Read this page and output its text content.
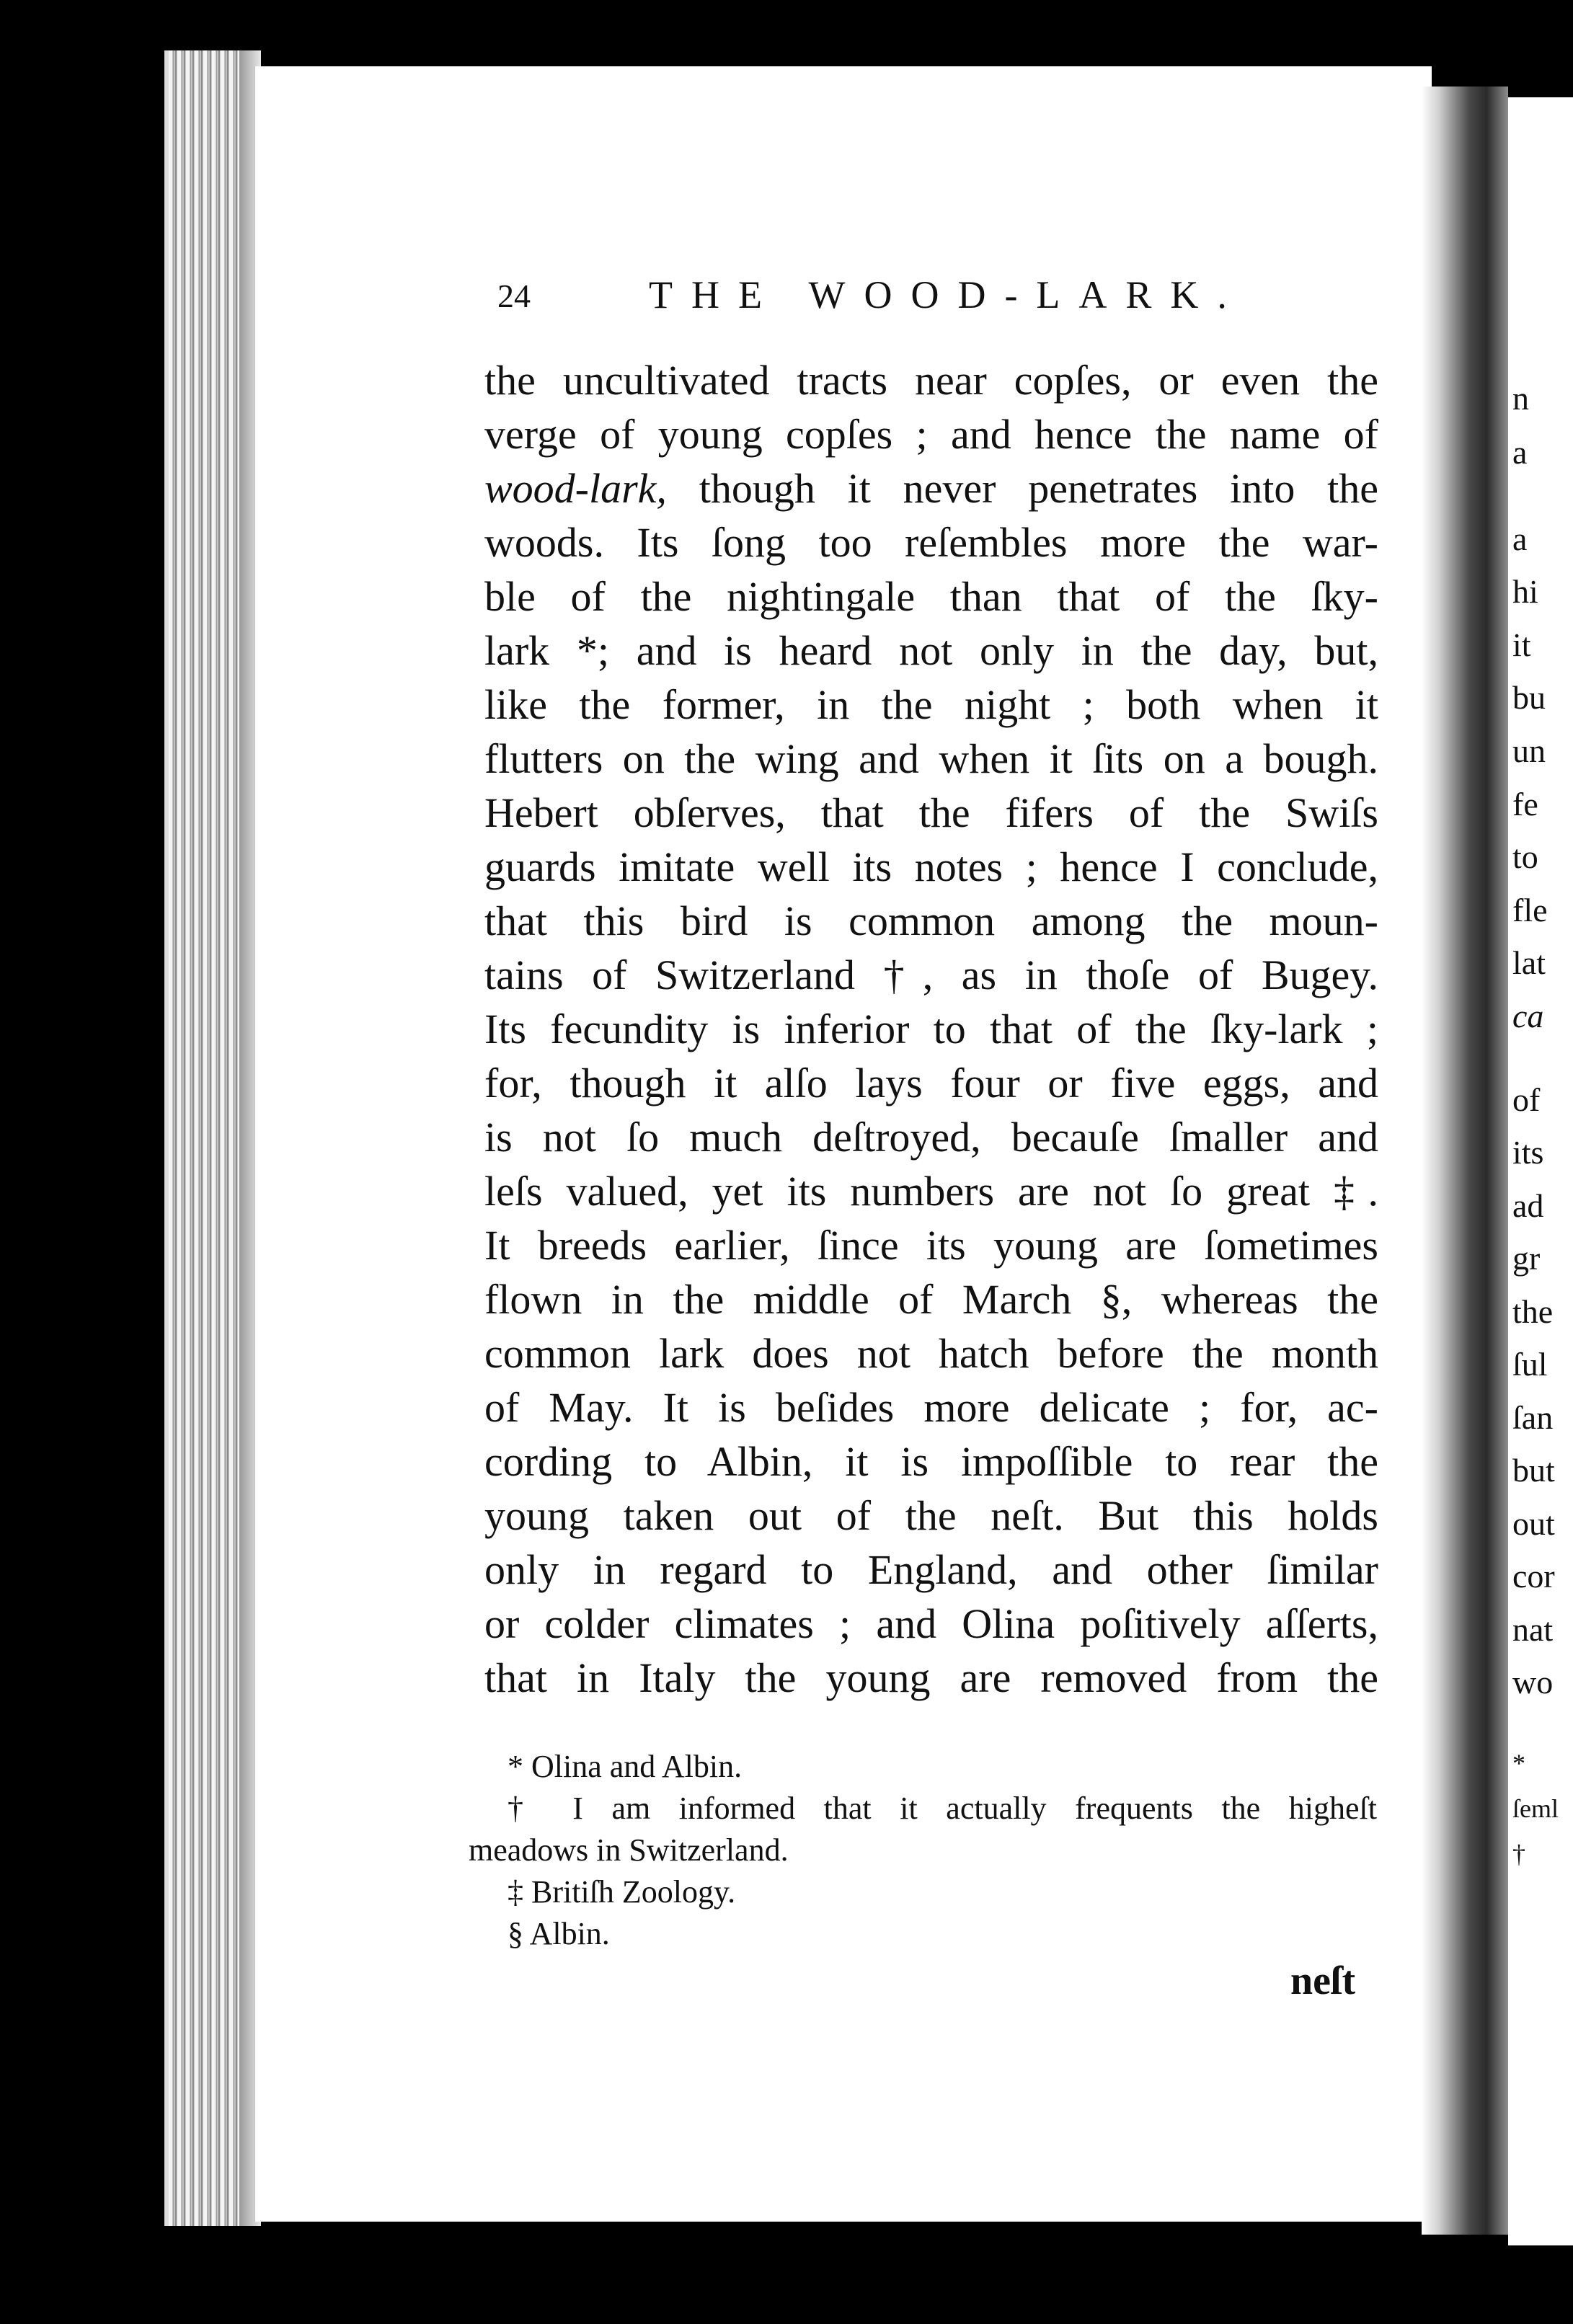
n
a
a
hi
it
bu
un
fe
to
fle
lat
ca
of
its
ad
gr
the
ſul
ſan
but
out
cor
nat
wo
*
ſeml
†
24	THE WOOD-LARK.
the uncultivated tracts near copſes, or even the
verge of young copſes ; and hence the name of
wood-lark, though it never penetrates into the
woods. Its ſong too reſembles more the war-
ble of the nightingale than that of the ſky-
lark *; and is heard not only in the day, but,
like the former, in the night ; both when it
flutters on the wing and when it ſits on a bough.
Hebert obſerves, that the fifers of the Swiſs
guards imitate well its notes ; hence I conclude,
that this bird is common among the moun-
tains of Switzerland †, as in thoſe of Bugey.
Its fecundity is inferior to that of the ſky-lark ;
for, though it alſo lays four or five eggs, and
is not ſo much deſtroyed, becauſe ſmaller and
leſs valued, yet its numbers are not ſo great ‡.
It breeds earlier, ſince its young are ſometimes
flown in the middle of March §, whereas the
common lark does not hatch before the month
of May. It is beſides more delicate ; for, ac-
cording to Albin, it is impoſſible to rear the
young taken out of the neſt. But this holds
only in regard to England, and other ſimilar
or colder climates ; and Olina poſitively aſſerts,
that in Italy the young are removed from the
* Olina and Albin.
† I am informed that it actually frequents the higheſt
meadows in Switzerland.
‡ Britiſh Zoology.
§ Albin.
neſt
